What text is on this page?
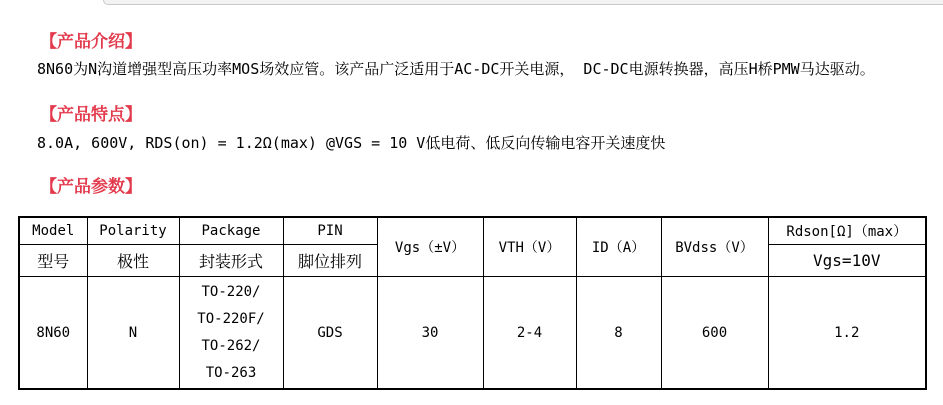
【产品介绍】
8N60为N沟道增强型高压功率MOS场效应管。该产品广泛适用于AC-DC开关电源， DC-DC电源转换器，高压H桥PMW马达驱动。
【产品特点】
8.0A, 600V, RDS(on) = 1.2Ω(max) @VGS = 10 V低电荷、低反向传输电容开关速度快
【产品参数】
Model	Polarity	Package	PIN	Vgs（±V）	VTH（V）	ID（A）	BVdss（V）	Rdson[Ω]（max）
型号	极性	封装形式	脚位排列					Vgs=10V
8N60	N	TO-220/
TO-220F/
TO-262/
TO-263	GDS	30	2-4	8	600	1.2
